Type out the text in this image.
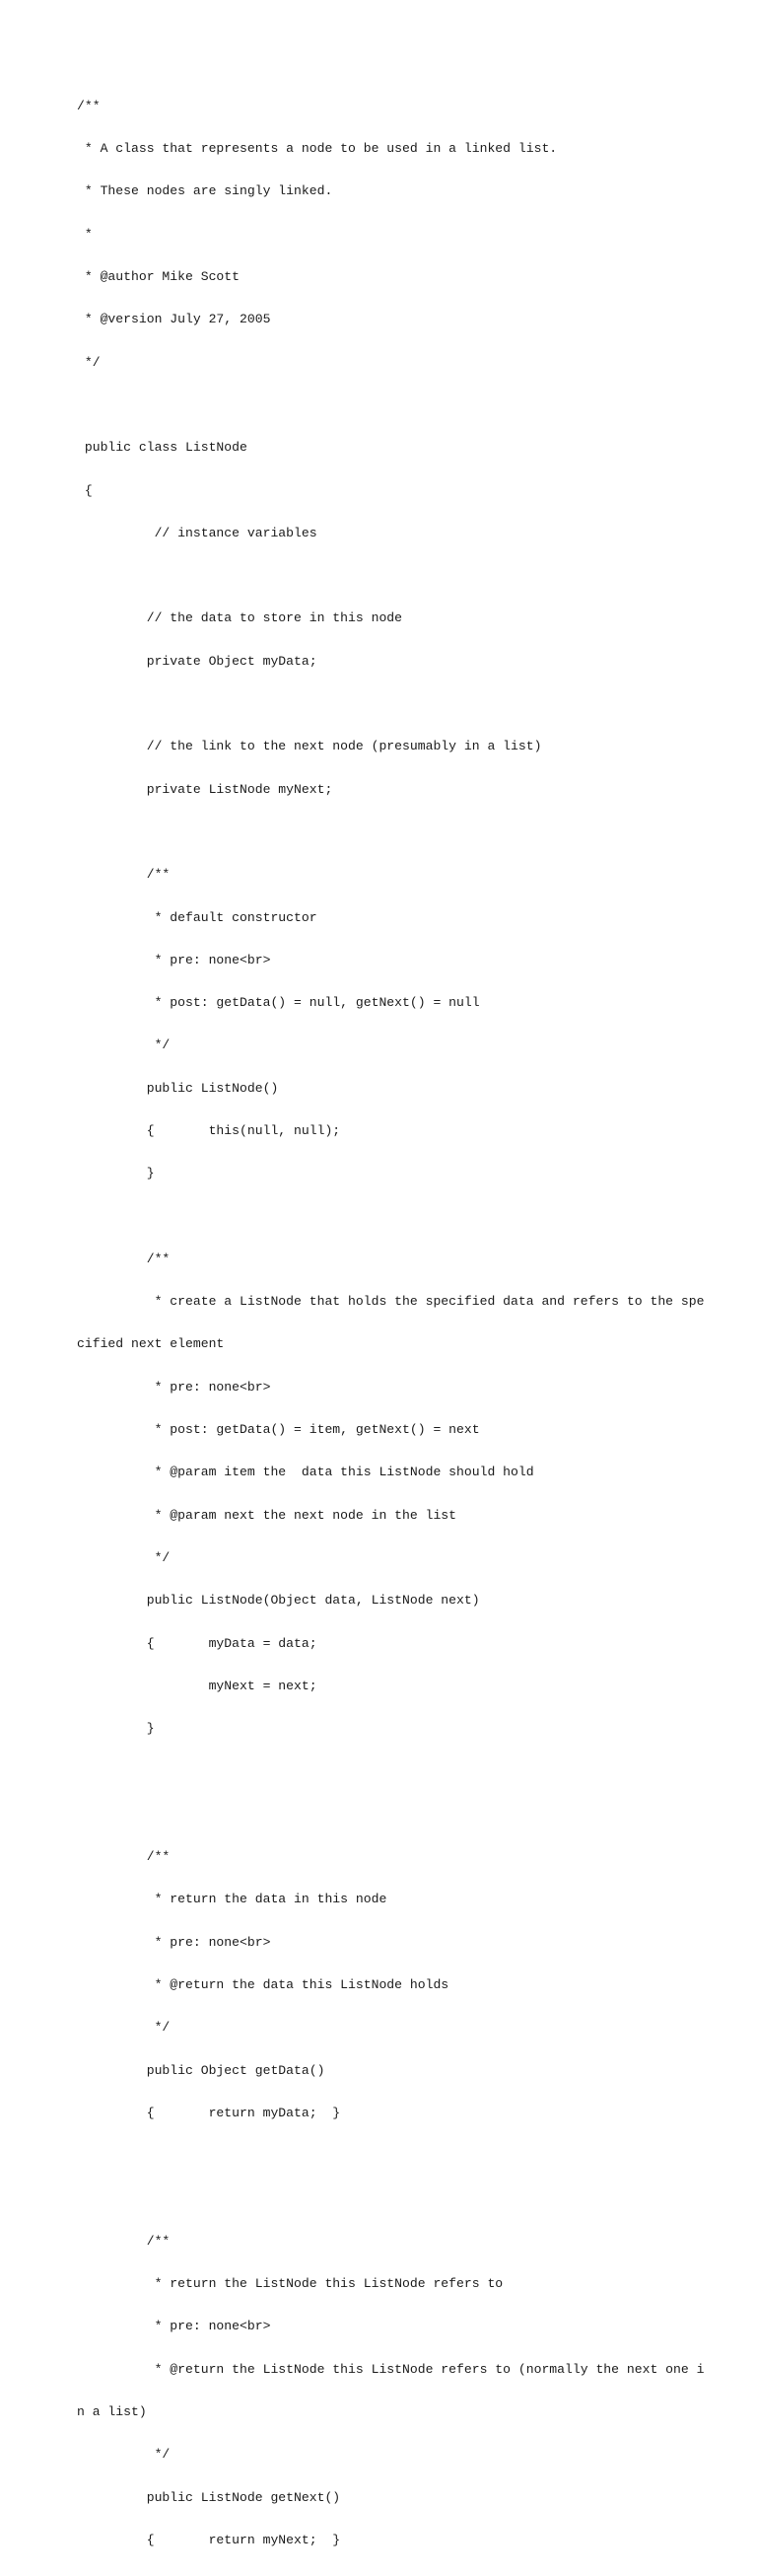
/**

* A class that represents a node to be used in a linked list.

* These nodes are singly linked.

*

* @author Mike Scott

* @version July 27, 2005

*/

public class ListNode

{

// instance variables

// the data to store in this node

private Object myData;

// the link to the next node (presumably in a list)

private ListNode myNext;

/**

* default constructor

* pre: none<br>

* post: getData() = null, getNext() = null

*/

public ListNode()

{       this(null, null);

}

/**

* create a ListNode that holds the specified data and refers to the spe

cified next element

* pre: none<br>

* post: getData() = item, getNext() = next

* @param item the  data this ListNode should hold

* @param next the next node in the list

*/

public ListNode(Object data, ListNode next)

{       myData = data;

myNext = next;

}

/**

* return the data in this node

* pre: none<br>

* @return the data this ListNode holds

*/

public Object getData()

{       return myData;  }

/**

* return the ListNode this ListNode refers to

* pre: none<br>

* @return the ListNode this ListNode refers to (normally the next one i

n a list)

*/

public ListNode getNext()

{       return myNext;  }
